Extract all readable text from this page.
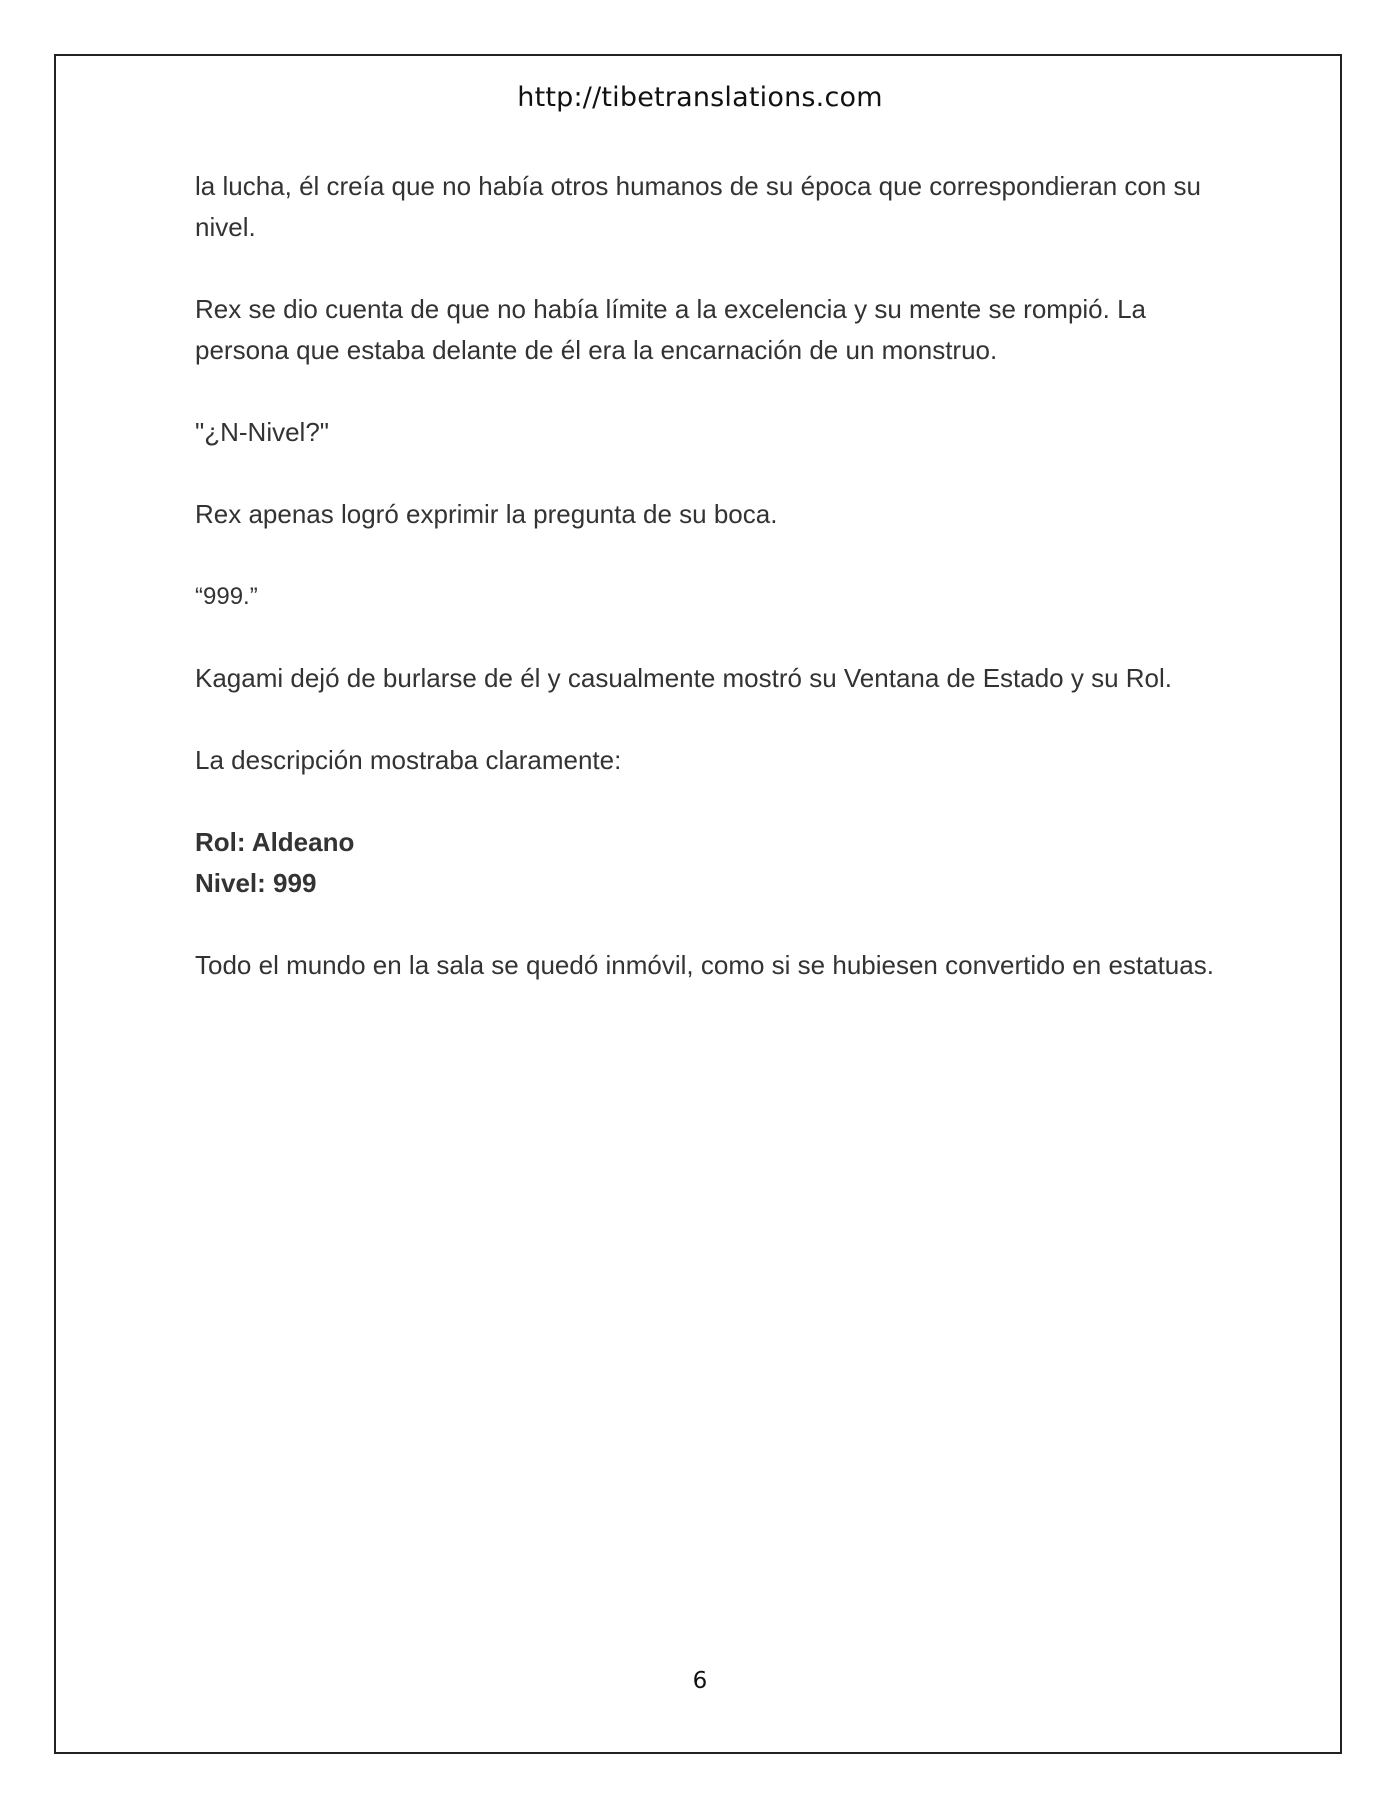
http://tibetranslations.com

la lucha, él creía que no había otros humanos de su época que correspondieran con su nivel.

Rex se dio cuenta de que no había límite a la excelencia y su mente se rompió. La persona que estaba delante de él era la encarnación de un monstruo.

"¿N-Nivel?"

Rex apenas logró exprimir la pregunta de su boca.

“999.”

Kagami dejó de burlarse de él y casualmente mostró su Ventana de Estado y su Rol.

La descripción mostraba claramente:

Rol: Aldeano
Nivel: 999

Todo el mundo en la sala se quedó inmóvil, como si se hubiesen convertido en estatuas.

6
